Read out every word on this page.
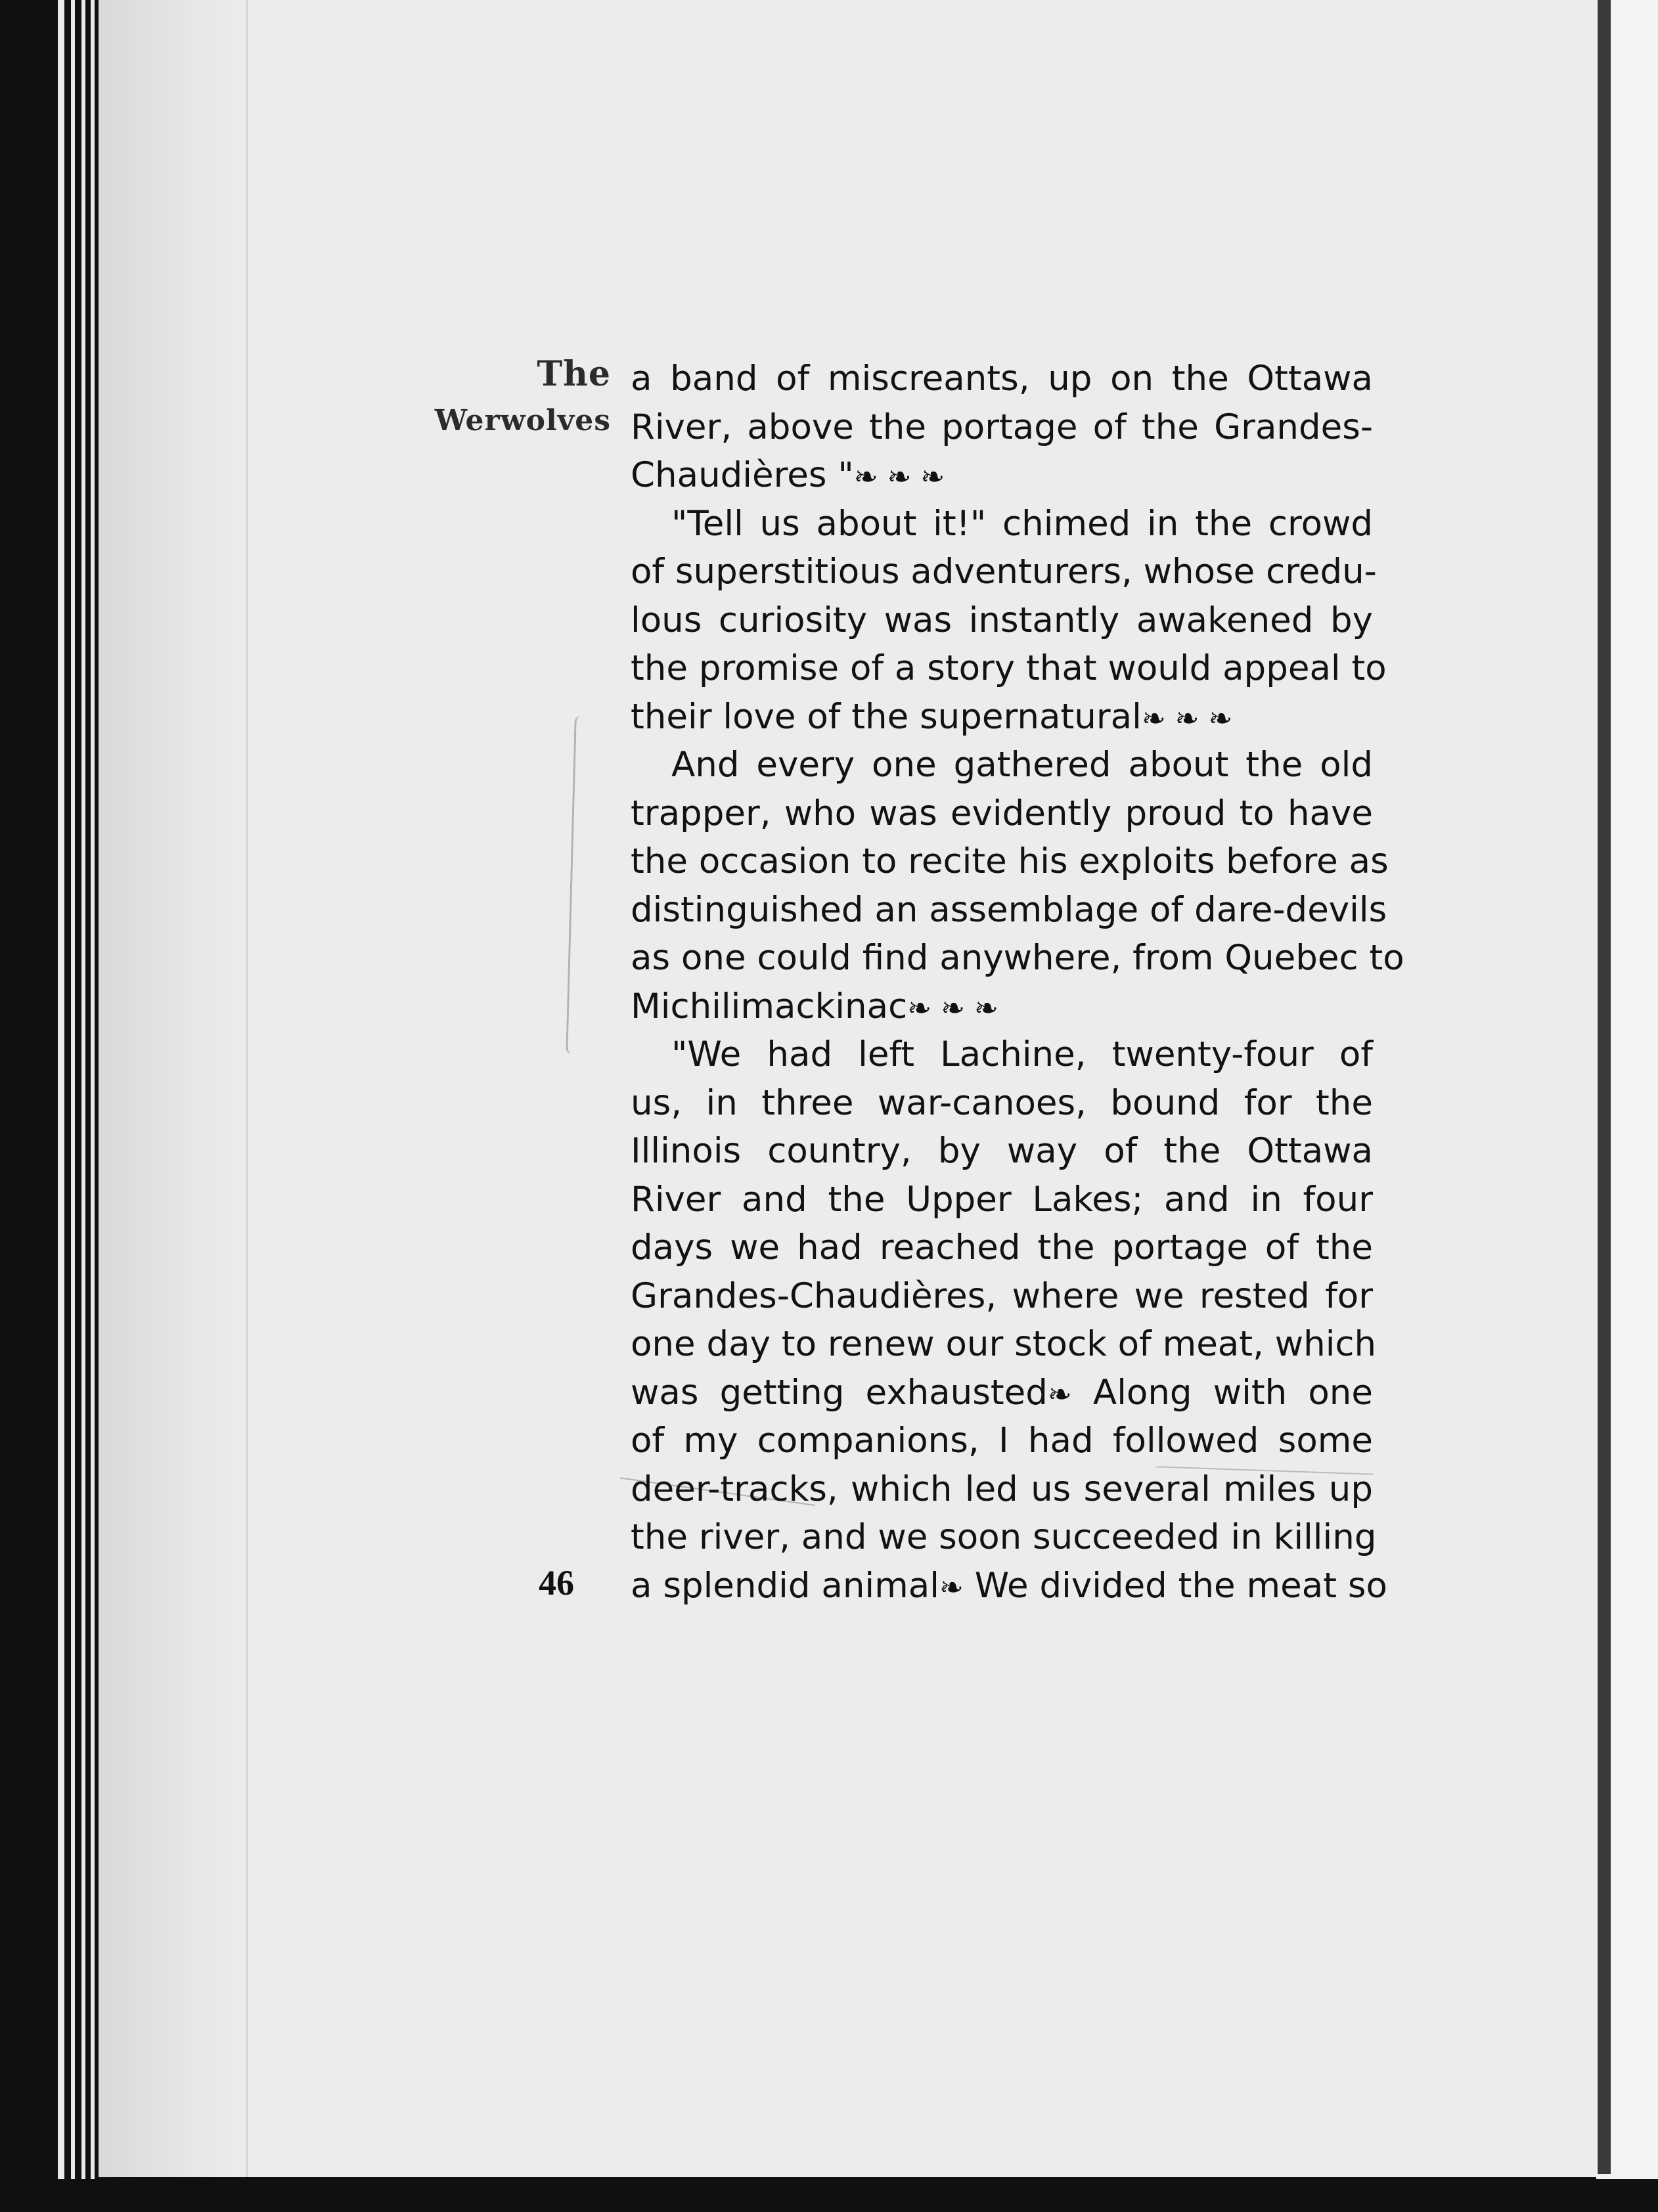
The
Werwolves
a band of miscreants, up on the Ottawa
River, above the portage of the Grandes-
Chaudières "❧ ❧ ❧
"Tell us about it!" chimed in the crowd
of superstitious adventurers, whose credu-
lous curiosity was instantly awakened by
the promise of a story that would appeal to
their love of the supernatural❧ ❧ ❧
And every one gathered about the old
trapper, who was evidently proud to have
the occasion to recite his exploits before as
distinguished an assemblage of dare-devils
as one could find anywhere, from Quebec to
Michilimackinac❧ ❧ ❧
"We had left Lachine, twenty-four of
us, in three war-canoes, bound for the
Illinois country, by way of the Ottawa
River and the Upper Lakes; and in four
days we had reached the portage of the
Grandes-Chaudières, where we rested for
one day to renew our stock of meat, which
was getting exhausted❧ Along with one
of my companions, I had followed some
deer-tracks, which led us several miles up
the river, and we soon succeeded in killing
a splendid animal❧ We divided the meat so
46
